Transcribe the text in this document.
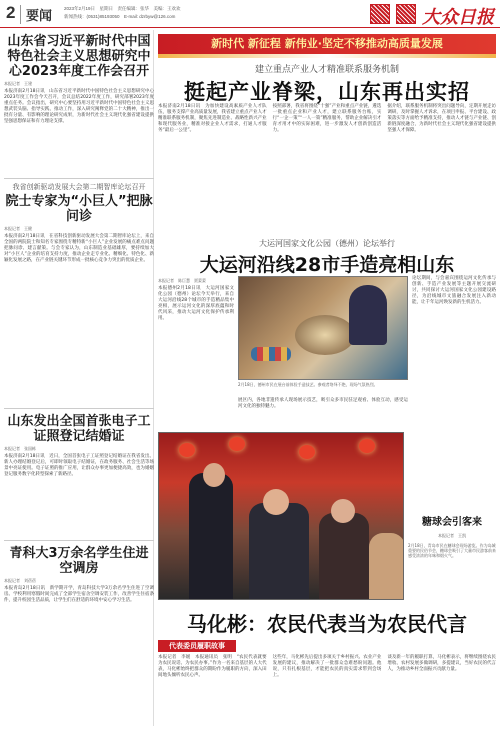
2 要闻	2023年2月19日　星期日　责任编辑：张华　美编：王欢欢
新闻热线：(0531)85193050　E-mail: dzrbyw@126.com	大众日报
山东省习近平新时代中国特色社会主义思想研究中心2023年度工作会召开

本报记者　王建

本报济南2月18日讯　山东省习近平新时代中国特色社会主义思想研究中心2023年度工作会今天召开，会议总结2022年度工作，研究部署2023年度重点任务。会议指出，研究中心要坚持用习近平新时代中国特色社会主义思想武装头脑、指导实践、推动工作，深入研究阐释党的二十大精神，推出一批有分量、有影响的理论研究成果，为新时代社会主义现代化强省建设提供坚强思想保证和有力理论支撑。

我省创新驱动发展大会第二期智库论坛召开

院士专家为“小巨人”把脉问诊

本报记者　王健

本报济南2月18日讯　在省科技创新驱动发展大会第二期智库论坛上，来自全国的两院院士和知名专家围绕专精特新“小巨人”企业发展的痛点难点问题把脉问诊、建言献策。与会专家认为，山东制造业基础雄厚，要持续加大对“小巨人”企业的培育支持力度，推动企业走专业化、精细化、特色化、新颖化发展之路，在产业链关键环节形成一批核心竞争力突出的优质企业。

山东发出全国首张电子工证照登记结婚证

本报记者　张国栋

本报济南2月18日讯　近日，全国首张电子工证照登记结婚证在我省发出。新人办理结婚登记后，可即时领取电子结婚证，在政务服务、社会生活等场景中亮证使用。电子证照的推广应用，让群众办事更加便捷高效，也为婚姻登记服务数字化转型探索了新路径。

青科大3万余名学生住进空调房

本报记者　刘蓓蓓

本报青岛2月18日讯　新学期开学，青岛科技大学3万余名学生住进了空调房。学校利用寒假时间完成了全部学生宿舍空调安装工作，改善学生住宿条件，提升校园生活品质，让学生们在舒适的环境中安心学习生活。

新时代 新征程 新伟业·坚定不移推动高质量发展

建立重点产业人才精准联系服务机制

挺起产业脊梁，山东再出实招

本报济南2月18日讯　为加快建设高素质产业人才队伍，服务支撑产业高质量发展，我省建立重点产业人才精准联系服务机制，聚焦先进制造业、战略性新兴产业和现代服务业，精准对接企业人才需求，打通人才服务“最后一公里”。

按照部署，我省将围绕“十强”产业和重点产业链，遴选一批重点企业和产业人才，建立联系服务台账，实行“一企一策”“一人一策”精准服务，帮助企业解决引才育才用才中的实际困难，进一步激发人才创新创造活力。

据介绍，联系服务机制将突出问题导向，定期开展走访调研，及时掌握人才诉求，在项目申报、平台建设、政策落实等方面给予精准支持，推动人才链与产业链、创新链深度融合，为新时代社会主义现代化强省建设提供坚强人才保障。

大运河国家文化公园（德州）论坛举行

大运河沿线28市手造亮相山东

本报记者　陈巨慧　贾蒙蒙

本报德州2月18日讯　大运河国家文化公园（德州）论坛今天举行，来自大运河沿线28个城市的手造精品集中亮相，展示运河文化的深厚底蕴和时代风采，推动大运河文化保护传承利用。

2月18日，德州市民在展台前体验手造技艺。参观者络绎不绝，现场气氛热烈。

展区内，各地非遗传承人现场展示技艺，吸引众多市民驻足观看、体验互动，感受运河文化的独特魅力。

论坛期间，与会嘉宾围绕运河文化传承与创新、手造产业发展等主题开展交流研讨，共同探讨大运河国家文化公园建设路径，为沿线城市文旅融合发展注入新动能，让千年运河焕发新的生机活力。

糖球会引客来

本报记者　王凯

2月18日，青岛市民在糖球会现场游览。作为岛城重要的民俗节会，糖球会吸引了大量市民游客前来感受浓浓的年味和烟火气。

马化彬：农民代表当为农民代言
代表委员履职故事

本报记者　李媛　本报通讯员　张明　“农民代表就要为农民说话、为农民办事。”作为一名来自基层的人大代表，马化彬始终把群众的期盼作为履职的方向，深入田间地头倾听农民心声。

这些年，马化彬先后提出多项关于乡村振兴、农业产业发展的建议，推动解决了一批群众急难愁盼问题。他说，只有扎根基层，才能把农民的真实需求带到会场上。

谈及新一年的履职打算，马化彬表示，将继续围绕农民增收、农村发展多做调研，多提建议，当好农民的代言人，为推动乡村全面振兴贡献力量。
